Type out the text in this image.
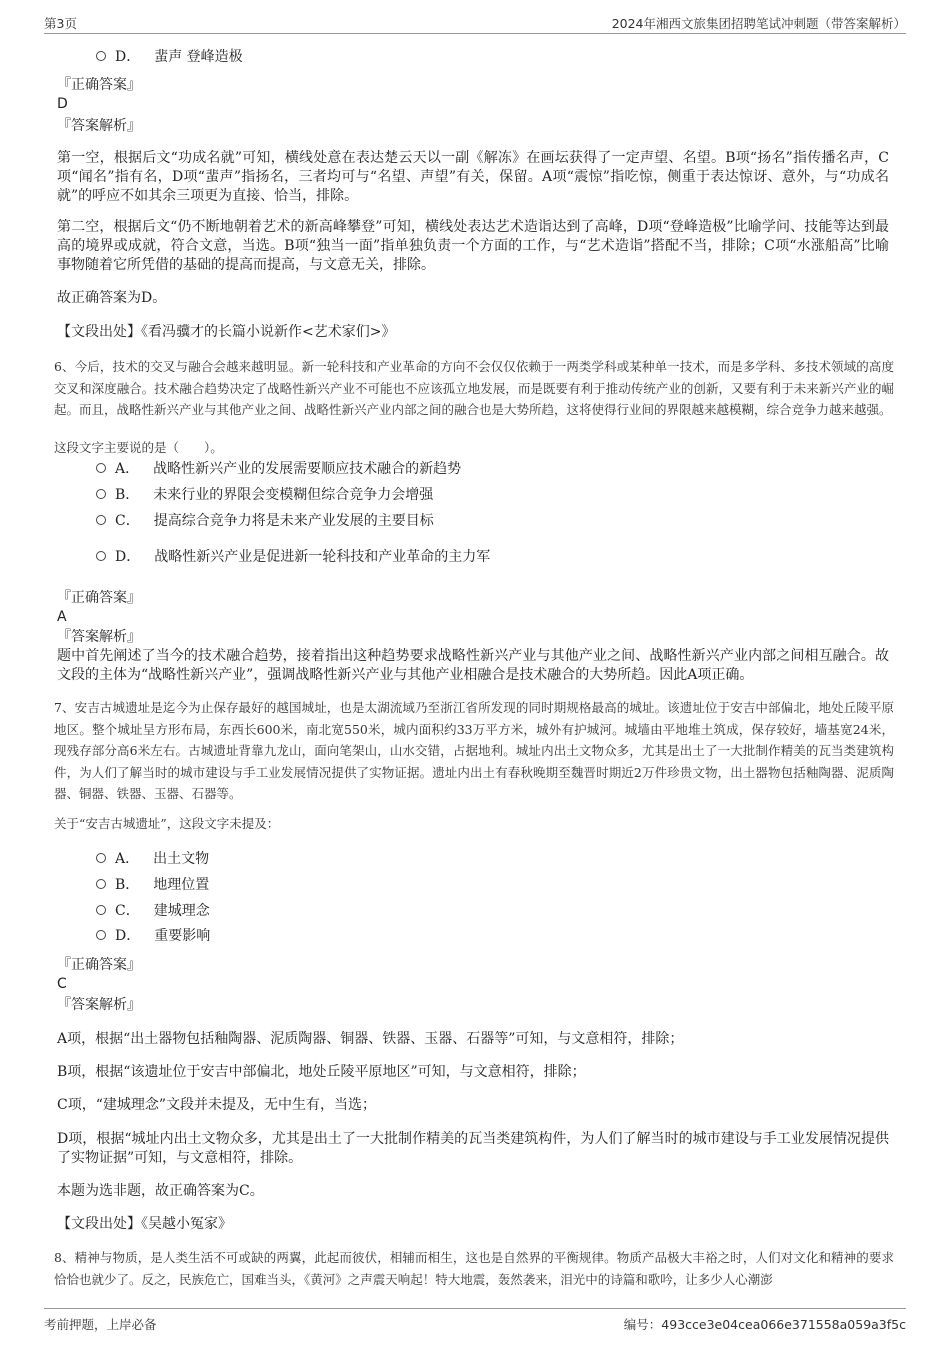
第3页	2024年湘西文旅集团招聘笔试冲刺题（带答案解析）
D． 蜚声 登峰造极
『正确答案』
D
『答案解析』
第一空，根据后文“功成名就”可知，横线处意在表达楚云天以一副《解冻》在画坛获得了一定声望、名望。B项“扬名”指传播名声，C项“闻名”指有名，D项“蜚声”指扬名，三者均可与“名望、声望”有关，保留。A项“震惊”指吃惊，侧重于表达惊讶、意外，与“功成名就”的呼应不如其余三项更为直接、恰当，排除。
第二空，根据后文“仍不断地朝着艺术的新高峰攀登”可知，横线处表达艺术造诣达到了高峰，D项“登峰造极”比喻学问、技能等达到最高的境界或成就，符合文意，当选。B项“独当一面”指单独负责一个方面的工作，与“艺术造诣”搭配不当，排除；C项“水涨船高”比喻事物随着它所凭借的基础的提高而提高，与文意无关，排除。
故正确答案为D。
【文段出处】《看冯骥才的长篇小说新作<艺术家们>》
6、今后，技术的交叉与融合会越来越明显。新一轮科技和产业革命的方向不会仅仅依赖于一两类学科或某种单一技术，而是多学科、多技术领域的高度交叉和深度融合。技术融合趋势决定了战略性新兴产业不可能也不应该孤立地发展，而是既要有利于推动传统产业的创新，又要有利于未来新兴产业的崛起。而且，战略性新兴产业与其他产业之间、战略性新兴产业内部之间的融合也是大势所趋，这将使得行业间的界限越来越模糊，综合竞争力越来越强。
这段文字主要说的是（　　）。
A． 战略性新兴产业的发展需要顺应技术融合的新趋势
B． 未来行业的界限会变模糊但综合竞争力会增强
C． 提高综合竞争力将是未来产业发展的主要目标
D． 战略性新兴产业是促进新一轮科技和产业革命的主力军
『正确答案』
A
『答案解析』
题中首先阐述了当今的技术融合趋势，接着指出这种趋势要求战略性新兴产业与其他产业之间、战略性新兴产业内部之间相互融合。故文段的主体为“战略性新兴产业”，强调战略性新兴产业与其他产业相融合是技术融合的大势所趋。因此A项正确。
7、安吉古城遗址是迄今为止保存最好的越国城址，也是太湖流域乃至浙江省所发现的同时期规格最高的城址。该遗址位于安吉中部偏北，地处丘陵平原地区。整个城址呈方形布局，东西长600米，南北宽550米，城内面积约33万平方米，城外有护城河。城墙由平地堆土筑成，保存较好，墙基宽24米，现残存部分高6米左右。古城遗址背靠九龙山，面向笔架山，山水交错，占据地利。城址内出土文物众多，尤其是出土了一大批制作精美的瓦当类建筑构件，为人们了解当时的城市建设与手工业发展情况提供了实物证据。遗址内出土有春秋晚期至魏晋时期近2万件珍贵文物，出土器物包括釉陶器、泥质陶器、铜器、铁器、玉器、石器等。
关于“安吉古城遗址”，这段文字未提及：
A． 出土文物
B． 地理位置
C． 建城理念
D． 重要影响
『正确答案』
C
『答案解析』
A项，根据“出土器物包括釉陶器、泥质陶器、铜器、铁器、玉器、石器等”可知，与文意相符，排除；
B项，根据“该遗址位于安吉中部偏北，地处丘陵平原地区”可知，与文意相符，排除；
C项，“建城理念”文段并未提及，无中生有，当选；
D项，根据“城址内出土文物众多，尤其是出土了一大批制作精美的瓦当类建筑构件，为人们了解当时的城市建设与手工业发展情况提供了实物证据”可知，与文意相符，排除。
本题为选非题，故正确答案为C。
【文段出处】《吴越小冤家》
8、精神与物质，是人类生活不可或缺的两翼，此起而彼伏，相辅而相生，这也是自然界的平衡规律。物质产品极大丰裕之时，人们对文化和精神的要求恰恰也就少了。反之，民族危亡，国难当头，《黄河》之声震天响起！特大地震，轰然袭来，泪光中的诗篇和歌吟，让多少人心潮澎
考前押题，上岸必备	编号：493cce3e04cea066e371558a059a3f5c
